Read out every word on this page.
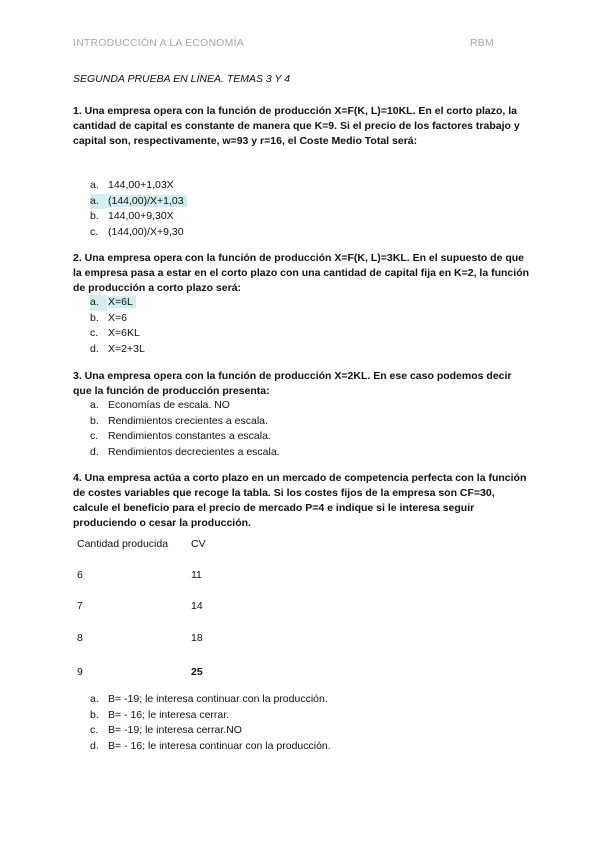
INTRODUCCIÓN A LA ECONOMÍA	RBM
SEGUNDA PRUEBA EN LÍNEA. TEMAS 3 Y 4
1. Una empresa opera con la función de producción X=F(K, L)=10KL. En el corto plazo, la cantidad de capital es constante de manera que K=9. Si el precio de los factores trabajo y capital son, respectivamente, w=93 y r=16, el Coste Medio Total será:
a. 144,00+1,03X
a. (144,00)/X+1,03
b. 144,00+9,30X
c. (144,00)/X+9,30
2. Una empresa opera con la función de producción X=F(K, L)=3KL. En el supuesto de que la empresa pasa a estar en el corto plazo con una cantidad de capital fija en K=2, la función de producción a corto plazo será:
a. X=6L
b. X=6
c. X=6KL
d. X=2+3L
3. Una empresa opera con la función de producción X=2KL. En ese caso podemos decir que la función de producción presenta:
a. Economías de escala. NO
b. Rendimientos crecientes a escala.
c. Rendimientos constantes a escala.
d. Rendimientos decrecientes a escala.
4. Una empresa actúa a corto plazo en un mercado de competencia perfecta con la función de costes variables que recoge la tabla. Si los costes fijos de la empresa son CF=30, calcule el beneficio para el precio de mercado P=4 e indique si le interesa seguir produciendo o cesar la producción.
Cantidad producida CV
6	11
7	14
8	18
9	25
a. B= -19; le interesa continuar con la producción.
b. B= - 16; le interesa cerrar.
c. B= -19; le interesa cerrar.NO
d. B= - 16; le interesa continuar con la producción.
